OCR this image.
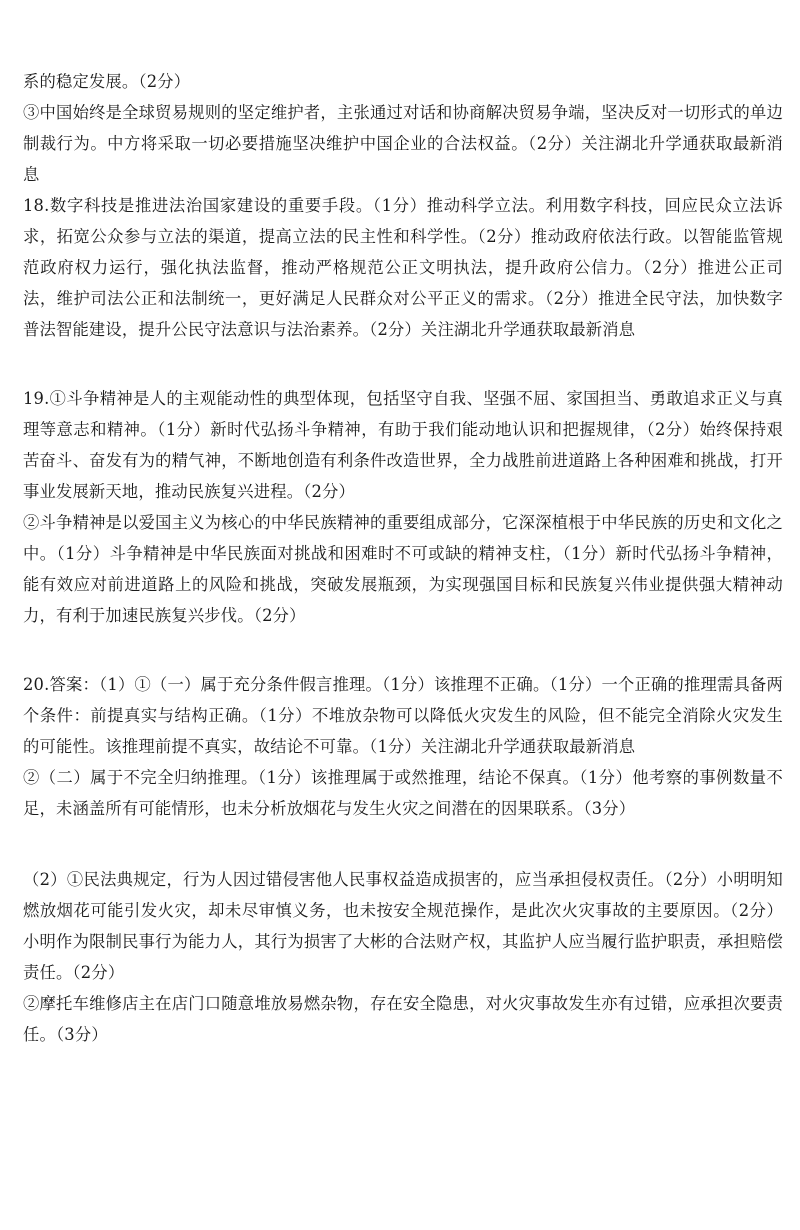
系的稳定发展。（2分）

③中国始终是全球贸易规则的坚定维护者，主张通过对话和协商解决贸易争端，坚决反对一切形式的单边制裁行为。中方将采取一切必要措施坚决维护中国企业的合法权益。（2分）关注湖北升学通获取最新消息

18.数字科技是推进法治国家建设的重要手段。（1分）推动科学立法。利用数字科技，回应民众立法诉求，拓宽公众参与立法的渠道，提高立法的民主性和科学性。（2分）推动政府依法行政。以智能监管规范政府权力运行，强化执法监督，推动严格规范公正文明执法，提升政府公信力。（2分）推进公正司法，维护司法公正和法制统一，更好满足人民群众对公平正义的需求。（2分）推进全民守法，加快数字普法智能建设，提升公民守法意识与法治素养。（2分）关注湖北升学通获取最新消息

19.①斗争精神是人的主观能动性的典型体现，包括坚守自我、坚强不屈、家国担当、勇敢追求正义与真理等意志和精神。（1分）新时代弘扬斗争精神，有助于我们能动地认识和把握规律，（2分）始终保持艰苦奋斗、奋发有为的精气神，不断地创造有利条件改造世界，全力战胜前进道路上各种困难和挑战，打开事业发展新天地，推动民族复兴进程。（2分）

②斗争精神是以爱国主义为核心的中华民族精神的重要组成部分，它深深植根于中华民族的历史和文化之中。（1分）斗争精神是中华民族面对挑战和困难时不可或缺的精神支柱，（1分）新时代弘扬斗争精神，能有效应对前进道路上的风险和挑战，突破发展瓶颈，为实现强国目标和民族复兴伟业提供强大精神动力，有利于加速民族复兴步伐。（2分）

20.答案：（1）①（一）属于充分条件假言推理。（1分）该推理不正确。（1分）一个正确的推理需具备两个条件：前提真实与结构正确。（1分）不堆放杂物可以降低火灾发生的风险，但不能完全消除火灾发生的可能性。该推理前提不真实，故结论不可靠。（1分）关注湖北升学通获取最新消息

②（二）属于不完全归纳推理。（1分）该推理属于或然推理，结论不保真。（1分）他考察的事例数量不足，未涵盖所有可能情形，也未分析放烟花与发生火灾之间潜在的因果联系。（3分）

（2）①民法典规定，行为人因过错侵害他人民事权益造成损害的，应当承担侵权责任。（2分）小明明知燃放烟花可能引发火灾，却未尽审慎义务，也未按安全规范操作，是此次火灾事故的主要原因。（2分）小明作为限制民事行为能力人，其行为损害了大彬的合法财产权，其监护人应当履行监护职责，承担赔偿责任。（2分）

②摩托车维修店主在店门口随意堆放易燃杂物，存在安全隐患，对火灾事故发生亦有过错，应承担次要责任。（3分）
